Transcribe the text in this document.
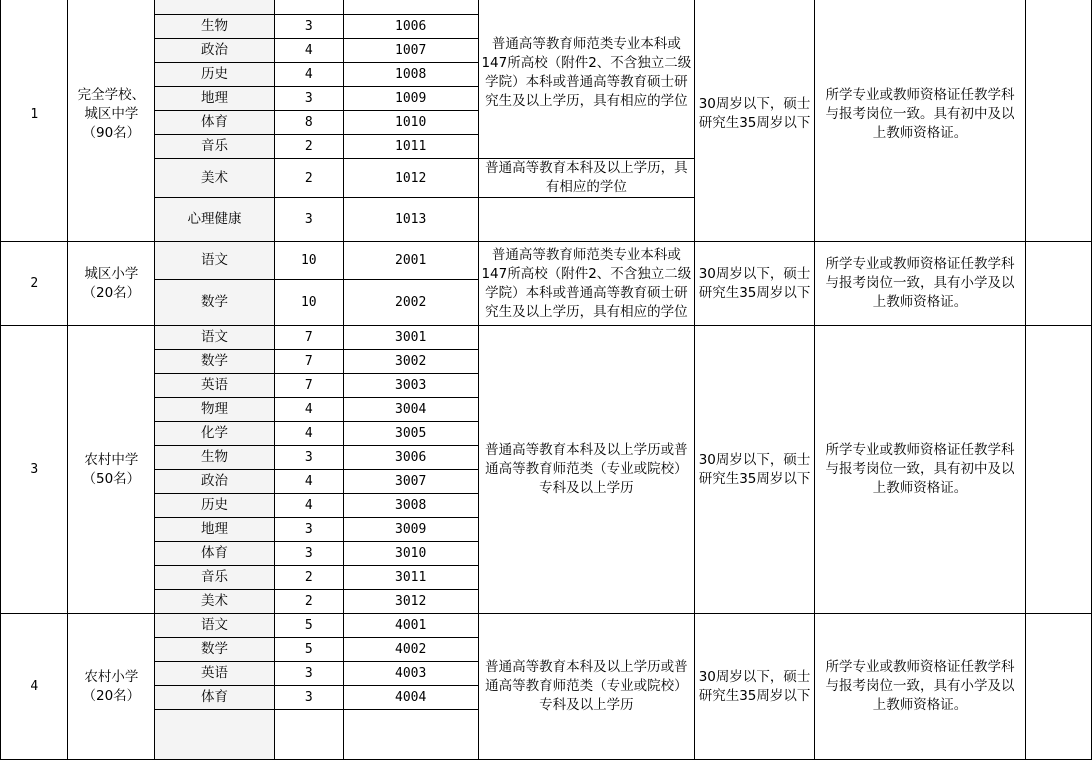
1	完全学校、
城区中学
（90名）				普通高等教育师范类专业本科或
147所高校（附件2、不含独立二级
学院）本科或普通高等教育硕士研
究生及以上学历，具有相应的学位	30周岁以下，硕士
研究生35周岁以下	所学专业或教师资格证任教学科
与报考岗位一致。具有初中及以
上教师资格证。	
		生物	3	1006				
		政治	4	1007				
		历史	4	1008				
		地理	3	1009				
		体育	8	1010				
		音乐	2	1011				
		美术	2	1012	普通高等教育本科及以上学历，具
有相应的学位			
		心理健康	3	1013				
2	城区小学
（20名）	语文	10	2001	普通高等教育师范类专业本科或
147所高校（附件2、不含独立二级
学院）本科或普通高等教育硕士研
究生及以上学历，具有相应的学位	30周岁以下，硕士
研究生35周岁以下	所学专业或教师资格证任教学科
与报考岗位一致，具有小学及以
上教师资格证。	
		数学	10	2002				
3	农村中学
（50名）	语文	7	3001	普通高等教育本科及以上学历或普
通高等教育师范类（专业或院校）
专科及以上学历	30周岁以下，硕士
研究生35周岁以下	所学专业或教师资格证任教学科
与报考岗位一致，具有初中及以
上教师资格证。	
		数学	7	3002				
		英语	7	3003				
		物理	4	3004				
		化学	4	3005				
		生物	3	3006				
		政治	4	3007				
		历史	4	3008				
		地理	3	3009				
		体育	3	3010				
		音乐	2	3011				
		美术	2	3012				
4	农村小学
（20名）	语文	5	4001	普通高等教育本科及以上学历或普
通高等教育师范类（专业或院校）
专科及以上学历	30周岁以下，硕士
研究生35周岁以下	所学专业或教师资格证任教学科
与报考岗位一致，具有小学及以
上教师资格证。	
		数学	5	4002				
		英语	3	4003				
		体育	3	4004				
